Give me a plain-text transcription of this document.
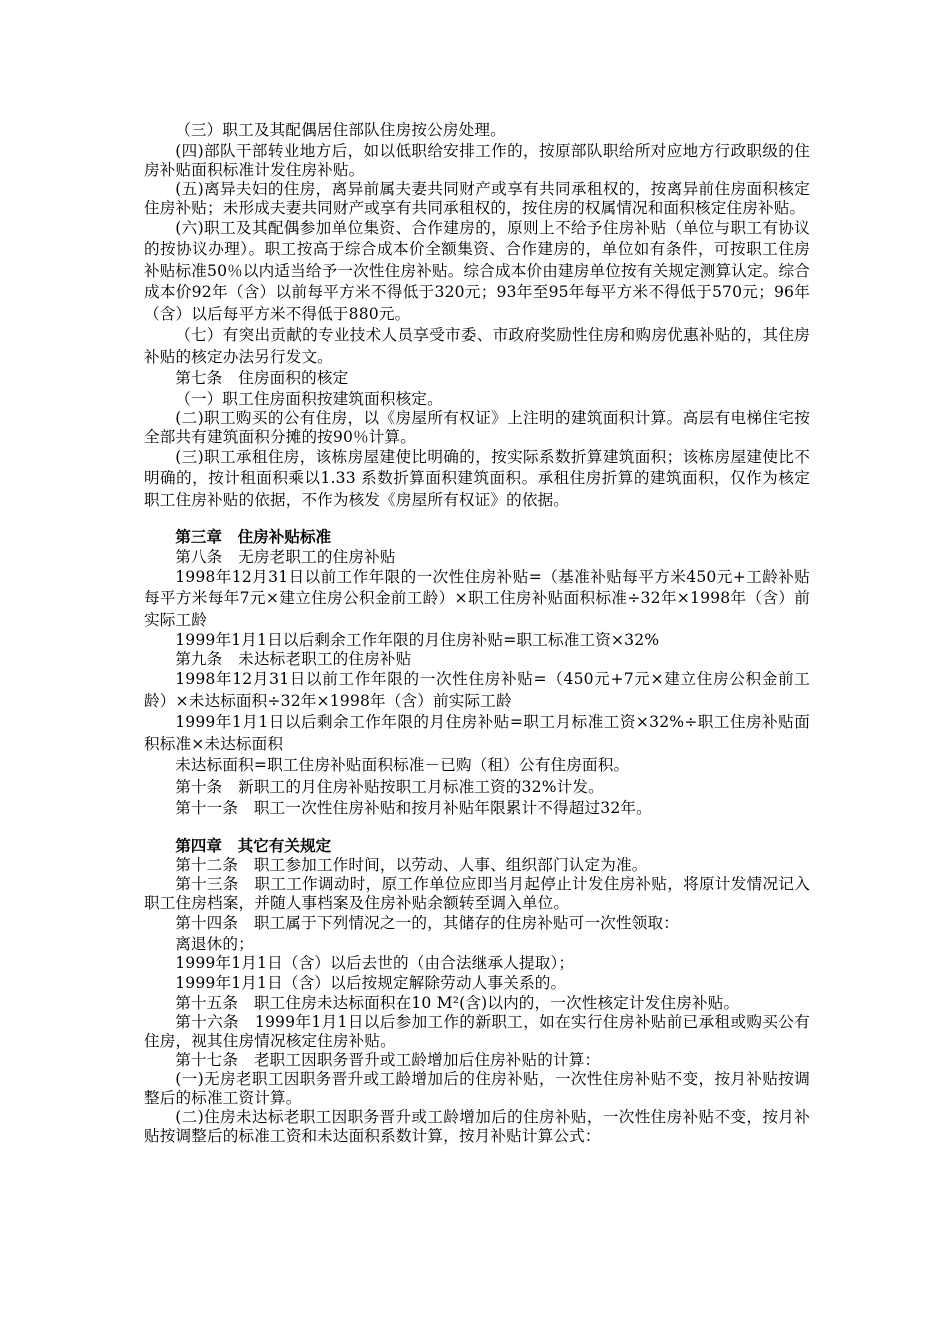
（三）职工及其配偶居住部队住房按公房处理。

(四)部队干部转业地方后，如以低职给安排工作的，按原部队职给所对应地方行政职级的住房补贴面积标准计发住房补贴。

(五)离异夫妇的住房，离异前属夫妻共同财产或享有共同承租权的，按离异前住房面积核定住房补贴；未形成夫妻共同财产或享有共同承租权的，按住房的权属情况和面积核定住房补贴。

(六)职工及其配偶参加单位集资、合作建房的，原则上不给予住房补贴（单位与职工有协议的按协议办理）。职工按高于综合成本价全额集资、合作建房的，单位如有条件，可按职工住房补贴标准50％以内适当给予一次性住房补贴。综合成本价由建房单位按有关规定测算认定。综合成本价92年（含）以前每平方米不得低于320元；93年至95年每平方米不得低于570元；96年（含）以后每平方米不得低于880元。

（七）有突出贡献的专业技术人员享受市委、市政府奖励性住房和购房优惠补贴的，其住房补贴的核定办法另行发文。

第七条　住房面积的核定

（一）职工住房面积按建筑面积核定。

(二)职工购买的公有住房，以《房屋所有权证》上注明的建筑面积计算。高层有电梯住宅按全部共有建筑面积分摊的按90％计算。

(三)职工承租住房，该栋房屋建使比明确的，按实际系数折算建筑面积；该栋房屋建使比不明确的，按计租面积乘以1.33 系数折算面积建筑面积。承租住房折算的建筑面积，仅作为核定职工住房补贴的依据，不作为核发《房屋所有权证》的依据。

第三章　住房补贴标准

第八条　无房老职工的住房补贴

1998年12月31日以前工作年限的一次性住房补贴=（基准补贴每平方米450元+工龄补贴每平方米每年7元×建立住房公积金前工龄）×职工住房补贴面积标准÷32年×1998年（含）前实际工龄

1999年1月1日以后剩余工作年限的月住房补贴=职工标准工资×32%

第九条　未达标老职工的住房补贴

1998年12月31日以前工作年限的一次性住房补贴=（450元+7元×建立住房公积金前工龄）×未达标面积÷32年×1998年（含）前实际工龄

1999年1月1日以后剩余工作年限的月住房补贴=职工月标准工资×32%÷职工住房补贴面积标准×未达标面积

未达标面积=职工住房补贴面积标准－已购（租）公有住房面积。

第十条　新职工的月住房补贴按职工月标准工资的32%计发。

第十一条　职工一次性住房补贴和按月补贴年限累计不得超过32年。

第四章　其它有关规定

第十二条　职工参加工作时间，以劳动、人事、组织部门认定为准。

第十三条　职工工作调动时，原工作单位应即当月起停止计发住房补贴，将原计发情况记入职工住房档案，并随人事档案及住房补贴余额转至调入单位。

第十四条　职工属于下列情况之一的，其储存的住房补贴可一次性领取：

离退休的；

1999年1月1日（含）以后去世的（由合法继承人提取）；

1999年1月1日（含）以后按规定解除劳动人事关系的。

第十五条　职工住房未达标面积在10 M²(含)以内的，一次性核定计发住房补贴。

第十六条　1999年1月1日以后参加工作的新职工，如在实行住房补贴前已承租或购买公有住房，视其住房情况核定住房补贴。

第十七条　老职工因职务晋升或工龄增加后住房补贴的计算：

(一)无房老职工因职务晋升或工龄增加后的住房补贴，一次性住房补贴不变，按月补贴按调整后的标准工资计算。

(二)住房未达标老职工因职务晋升或工龄增加后的住房补贴，一次性住房补贴不变，按月补贴按调整后的标准工资和未达面积系数计算，按月补贴计算公式：
